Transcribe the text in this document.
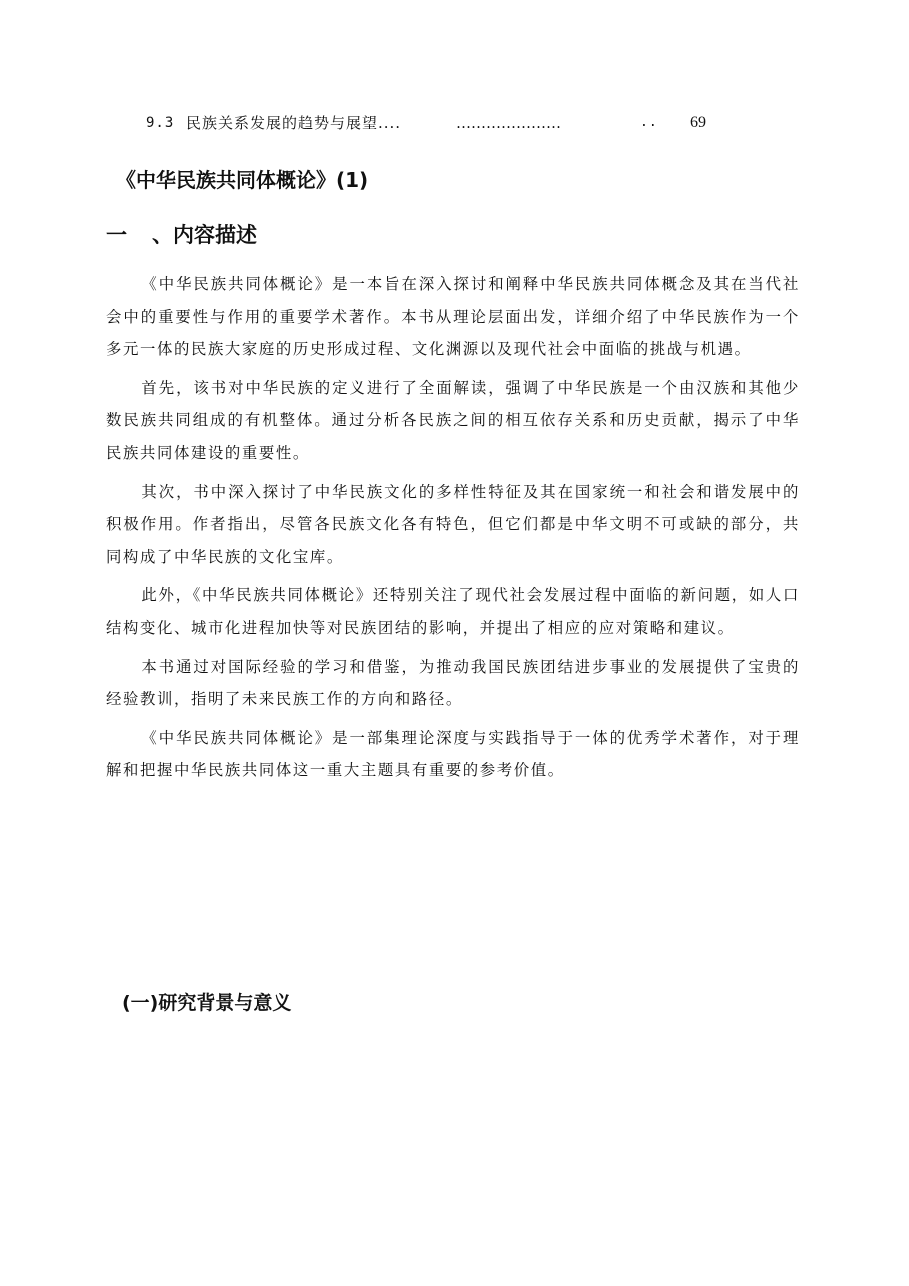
9.3 民族关系发展的趋势与展望....	…………………	.. 69
《中华民族共同体概论》(1)
一 、内容描述

《中华民族共同体概论》是一本旨在深入探讨和阐释中华民族共同体概念及其在当代社会中的重要性与作用的重要学术著作。本书从理论层面出发，详细介绍了中华民族作为一个多元一体的民族大家庭的历史形成过程、文化渊源以及现代社会中面临的挑战与机遇。

首先，该书对中华民族的定义进行了全面解读，强调了中华民族是一个由汉族和其他少数民族共同组成的有机整体。通过分析各民族之间的相互依存关系和历史贡献，揭示了中华民族共同体建设的重要性。

其次，书中深入探讨了中华民族文化的多样性特征及其在国家统一和社会和谐发展中的积极作用。作者指出，尽管各民族文化各有特色，但它们都是中华文明不可或缺的部分，共同构成了中华民族的文化宝库。

此外，《中华民族共同体概论》还特别关注了现代社会发展过程中面临的新问题，如人口结构变化、城市化进程加快等对民族团结的影响，并提出了相应的应对策略和建议。

本书通过对国际经验的学习和借鉴，为推动我国民族团结进步事业的发展提供了宝贵的经验教训，指明了未来民族工作的方向和路径。

《中华民族共同体概论》是一部集理论深度与实践指导于一体的优秀学术著作，对于理解和把握中华民族共同体这一重大主题具有重要的参考价值。

(一)研究背景与意义
